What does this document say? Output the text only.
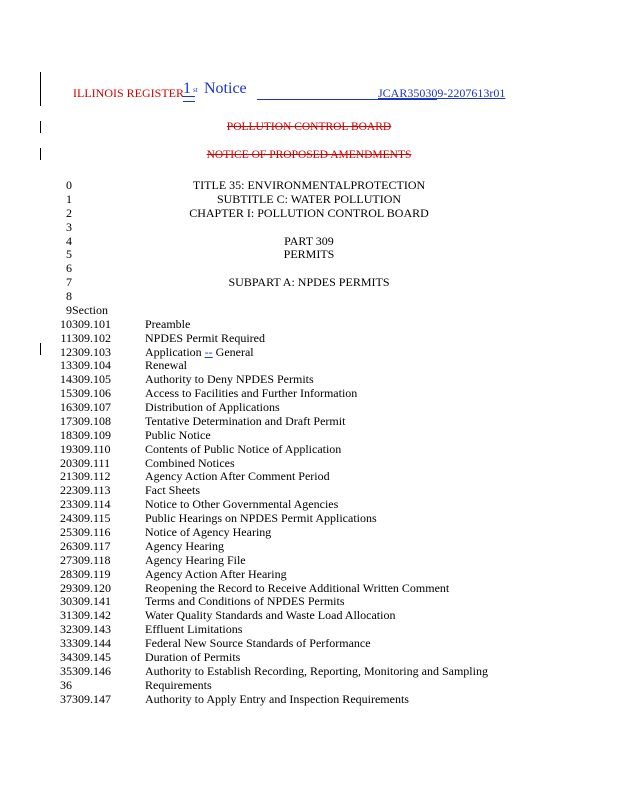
ILLINOIS REGISTER 1 st Notice	JCAR350309-2207613r01
POLLUTION CONTROL BOARD
NOTICE OF PROPOSED AMENDMENTS
0	TITLE 35: ENVIRONMENTALPROTECTION
1	SUBTITLE C: WATER POLLUTION
2	CHAPTER I: POLLUTION CONTROL BOARD
3
4	PART 309
5	PERMITS
6
7	SUBPART A: NPDES PERMITS
8
9 Section
10 309.101	Preamble
11 309.102	NPDES Permit Required
12 309.103	Application -- General
13 309.104	Renewal
14 309.105	Authority to Deny NPDES Permits
15 309.106	Access to Facilities and Further Information
16 309.107	Distribution of Applications
17 309.108	Tentative Determination and Draft Permit
18 309.109	Public Notice
19 309.110	Contents of Public Notice of Application
20 309.111	Combined Notices
21 309.112	Agency Action After Comment Period
22 309.113	Fact Sheets
23 309.114	Notice to Other Governmental Agencies
24 309.115	Public Hearings on NPDES Permit Applications
25 309.116	Notice of Agency Hearing
26 309.117	Agency Hearing
27 309.118	Agency Hearing File
28 309.119	Agency Action After Hearing
29 309.120	Reopening the Record to Receive Additional Written Comment
30 309.141	Terms and Conditions of NPDES Permits
31 309.142	Water Quality Standards and Waste Load Allocation
32 309.143	Effluent Limitations
33 309.144	Federal New Source Standards of Performance
34 309.145	Duration of Permits
35 309.146	Authority to Establish Recording, Reporting, Monitoring and Sampling
36	Requirements
37 309.147	Authority to Apply Entry and Inspection Requirements
